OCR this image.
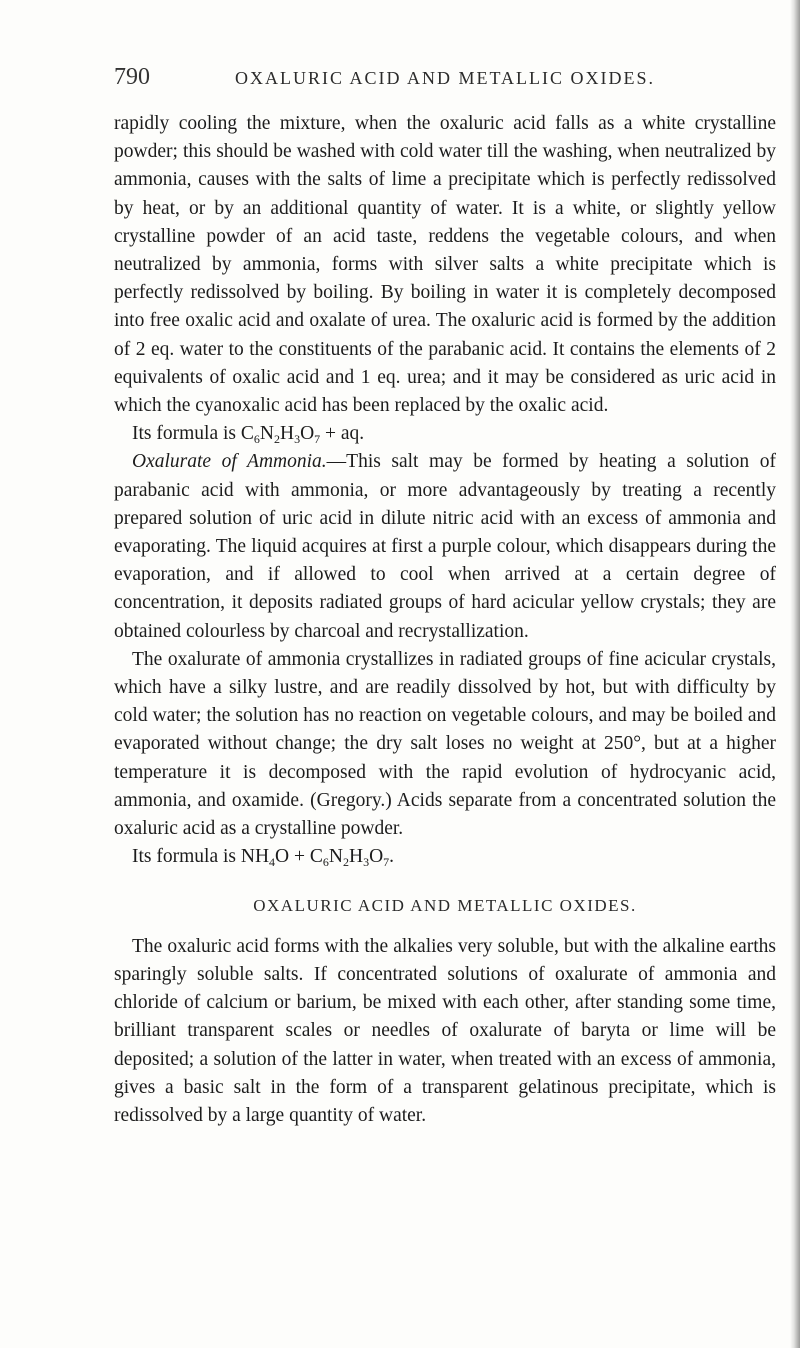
790	OXALURIC ACID AND METALLIC OXIDES.

rapidly cooling the mixture, when the oxaluric acid falls as a white crystalline powder; this should be washed with cold water till the washing, when neutralized by ammonia, causes with the salts of lime a precipitate which is perfectly redissolved by heat, or by an additional quantity of water. It is a white, or slightly yellow crystalline powder of an acid taste, reddens the vegetable colours, and when neutralized by ammonia, forms with silver salts a white precipitate which is perfectly redissolved by boiling. By boiling in water it is completely decomposed into free oxalic acid and oxalate of urea. The oxaluric acid is formed by the addition of 2 eq. water to the constituents of the parabanic acid. It contains the elements of 2 equivalents of oxalic acid and 1 eq. urea; and it may be considered as uric acid in which the cyanoxalic acid has been replaced by the oxalic acid.

Its formula is $C_6N_2H_3O_7$ + aq.

Oxalurate of Ammonia.—This salt may be formed by heating a solution of parabanic acid with ammonia, or more advantageously by treating a recently prepared solution of uric acid in dilute nitric acid with an excess of ammonia and evaporating. The liquid acquires at first a purple colour, which disappears during the evaporation, and if allowed to cool when arrived at a certain degree of concentration, it deposits radiated groups of hard acicular yellow crystals; they are obtained colourless by charcoal and recrystallization.

The oxalurate of ammonia crystallizes in radiated groups of fine acicular crystals, which have a silky lustre, and are readily dissolved by hot, but with difficulty by cold water; the solution has no reaction on vegetable colours, and may be boiled and evaporated without change; the dry salt loses no weight at 250°, but at a higher temperature it is decomposed with the rapid evolution of hydrocyanic acid, ammonia, and oxamide. (Gregory.) Acids separate from a concentrated solution the oxaluric acid as a crystalline powder.

Its formula is $NH_4O + C_6N_2H_3O_7$.

OXALURIC ACID AND METALLIC OXIDES.

The oxaluric acid forms with the alkalies very soluble, but with the alkaline earths sparingly soluble salts. If concentrated solutions of oxalurate of ammonia and chloride of calcium or barium, be mixed with each other, after standing some time, brilliant transparent scales or needles of oxalurate of baryta or lime will be deposited; a solution of the latter in water, when treated with an excess of ammonia, gives a basic salt in the form of a transparent gelatinous precipitate, which is redissolved by a large quantity of water.
